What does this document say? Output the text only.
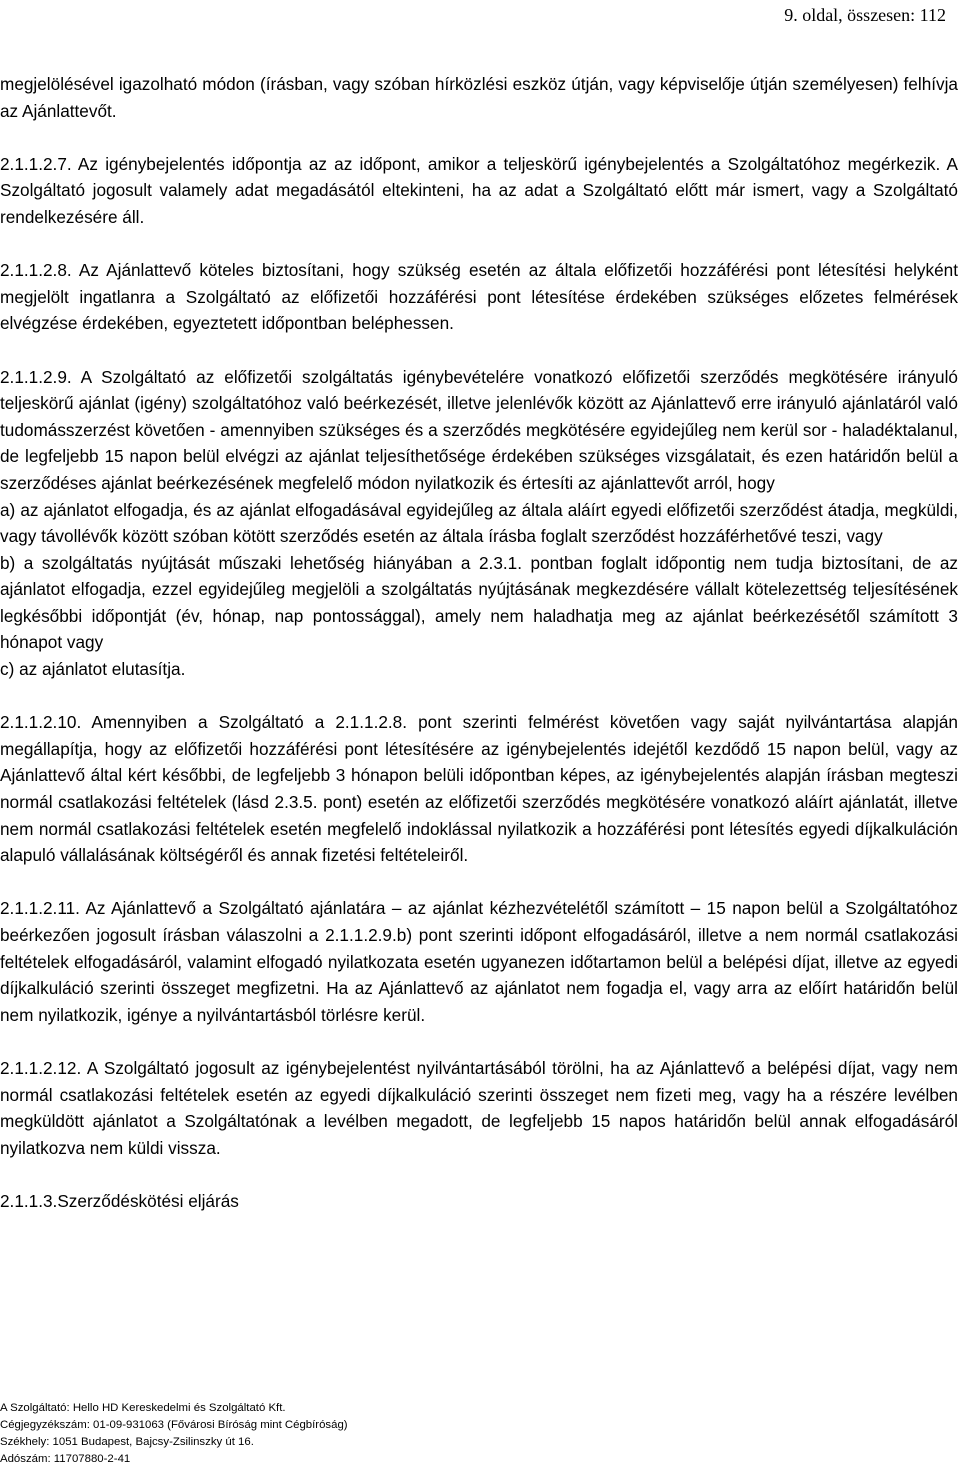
9. oldal, összesen: 112

megjelölésével igazolható módon (írásban, vagy szóban hírközlési eszköz útján, vagy képviselője útján személyesen) felhívja az Ajánlattevőt.

2.1.1.2.7. Az igénybejelentés időpontja az az időpont, amikor a teljeskörű igénybejelentés a Szolgáltatóhoz megérkezik. A Szolgáltató jogosult valamely adat megadásától eltekinteni, ha az adat a Szolgáltató előtt már ismert, vagy a Szolgáltató rendelkezésére áll.

2.1.1.2.8. Az Ajánlattevő köteles biztosítani, hogy szükség esetén az általa előfizetői hozzáférési pont létesítési helyként megjelölt ingatlanra a Szolgáltató az előfizetői hozzáférési pont létesítése érdekében szükséges előzetes felmérések elvégzése érdekében, egyeztetett időpontban beléphessen.

2.1.1.2.9. A Szolgáltató az előfizetői szolgáltatás igénybevételére vonatkozó előfizetői szerződés megkötésére irányuló teljeskörű ajánlat (igény) szolgáltatóhoz való beérkezését, illetve jelenlévők között az Ajánlattevő erre irányuló ajánlatáról való tudomásszerzést követően - amennyiben szükséges és a szerződés megkötésére egyidejűleg nem kerül sor - haladéktalanul, de legfeljebb 15 napon belül elvégzi az ajánlat teljesíthetősége érdekében szükséges vizsgálatait, és ezen határidőn belül a szerződéses ajánlat beérkezésének megfelelő módon nyilatkozik és értesíti az ajánlattevőt arról, hogy

a) az ajánlatot elfogadja, és az ajánlat elfogadásával egyidejűleg az általa aláírt egyedi előfizetői szerződést átadja, megküldi, vagy távollévők között szóban kötött szerződés esetén az általa írásba foglalt szerződést hozzáférhetővé teszi, vagy

b) a szolgáltatás nyújtását műszaki lehetőség hiányában a 2.3.1. pontban foglalt időpontig nem tudja biztosítani, de az ajánlatot elfogadja, ezzel egyidejűleg megjelöli a szolgáltatás nyújtásának megkezdésére vállalt kötelezettség teljesítésének legkésőbbi időpontját (év, hónap, nap pontossággal), amely nem haladhatja meg az ajánlat beérkezésétől számított 3 hónapot vagy

c) az ajánlatot elutasítja.

2.1.1.2.10. Amennyiben a Szolgáltató a 2.1.1.2.8. pont szerinti felmérést követően vagy saját nyilvántartása alapján megállapítja, hogy az előfizetői hozzáférési pont létesítésére az igénybejelentés idejétől kezdődő 15 napon belül, vagy az Ajánlattevő által kért későbbi, de legfeljebb 3 hónapon belüli időpontban képes, az igénybejelentés alapján írásban megteszi normál csatlakozási feltételek (lásd 2.3.5. pont) esetén az előfizetői szerződés megkötésére vonatkozó aláírt ajánlatát, illetve nem normál csatlakozási feltételek esetén megfelelő indoklással nyilatkozik a hozzáférési pont létesítés egyedi díjkalkuláción alapuló vállalásának költségéről és annak fizetési feltételeiről.

2.1.1.2.11. Az Ajánlattevő a Szolgáltató ajánlatára – az ajánlat kézhezvételétől számított – 15 napon belül a Szolgáltatóhoz beérkezően jogosult írásban válaszolni a 2.1.1.2.9.b) pont szerinti időpont elfogadásáról, illetve a nem normál csatlakozási feltételek elfogadásáról, valamint elfogadó nyilatkozata esetén ugyanezen időtartamon belül a belépési díjat, illetve az egyedi díjkalkuláció szerinti összeget megfizetni. Ha az Ajánlattevő az ajánlatot nem fogadja el, vagy arra az előírt határidőn belül nem nyilatkozik, igénye a nyilvántartásból törlésre kerül.

2.1.1.2.12. A Szolgáltató jogosult az igénybejelentést nyilvántartásából törölni, ha az Ajánlattevő a belépési díjat, vagy nem normál csatlakozási feltételek esetén az egyedi díjkalkuláció szerinti összeget nem fizeti meg, vagy ha a részére levélben megküldött ajánlatot a Szolgáltatónak a levélben megadott, de legfeljebb 15 napos határidőn belül annak elfogadásáról nyilatkozva nem küldi vissza.

2.1.1.3.Szerződéskötési eljárás

A Szolgáltató: Hello HD Kereskedelmi és Szolgáltató Kft.
Cégjegyzékszám: 01-09-931063 (Fővárosi Bíróság mint Cégbíróság)
Székhely: 1051 Budapest, Bajcsy-Zsilinszky út 16.
Adószám: 11707880-2-41
